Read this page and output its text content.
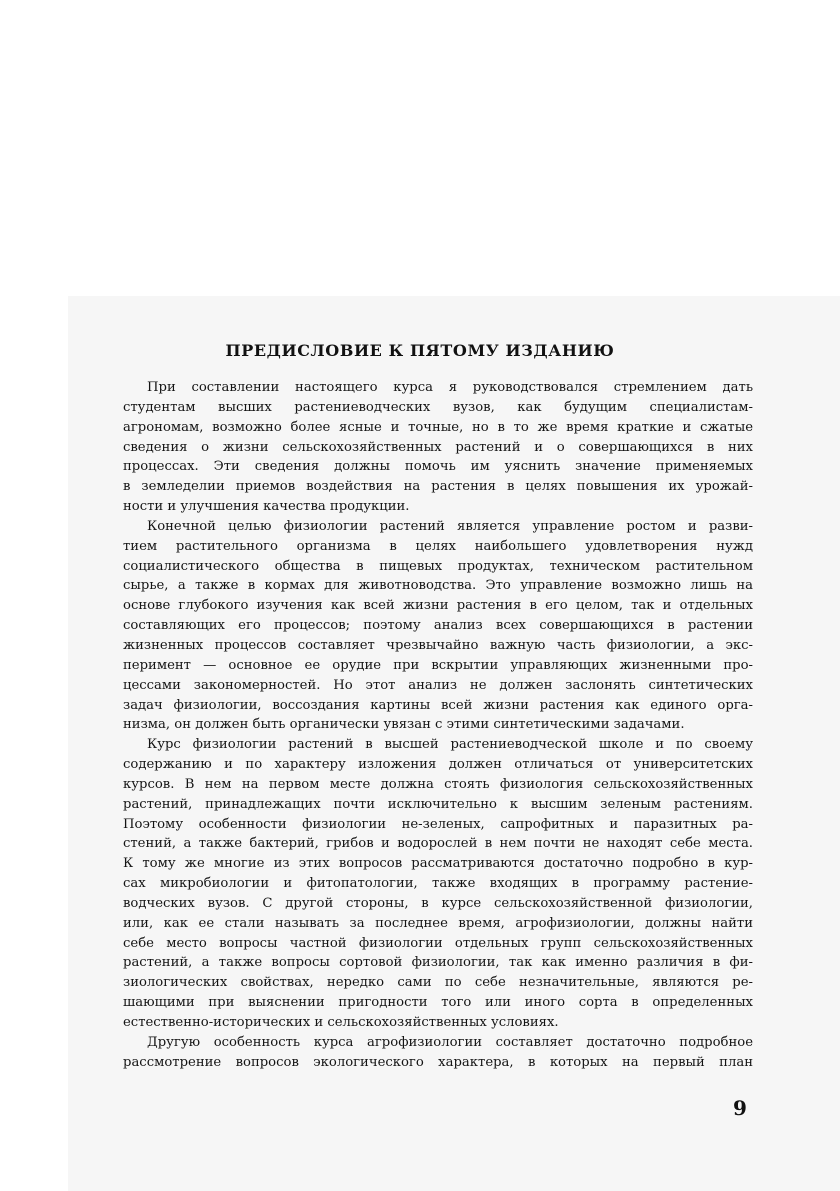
ПРЕДИСЛОВИЕ К ПЯТОМУ ИЗДАНИЮ
При составлении настоящего курса я руководствовался стремлением дать
студентам высших растениеводческих вузов, как будущим специалистам-
агрономам, возможно более ясные и точные, но в то же время краткие и сжатые
сведения о жизни сельскохозяйственных растений и о совершающихся в них
процессах. Эти сведения должны помочь им уяснить значение применяемых
в земледелии приемов воздействия на растения в целях повышения их урожай-
ности и улучшения качества продукции.
Конечной целью физиологии растений является управление ростом и разви-
тием растительного организма в целях наибольшего удовлетворения нужд
социалистического общества в пищевых продуктах, техническом растительном
сырье, а также в кормах для животноводства. Это управление возможно лишь на
основе глубокого изучения как всей жизни растения в его целом, так и отдельных
составляющих его процессов; поэтому анализ всех совершающихся в растении
жизненных процессов составляет чрезвычайно важную часть физиологии, а экс-
перимент — основное ее орудие при вскрытии управляющих жизненными про-
цессами закономерностей. Но этот анализ не должен заслонять синтетических
задач физиологии, воссоздания картины всей жизни растения как единого орга-
низма, он должен быть органически увязан с этими синтетическими задачами.
Курс физиологии растений в высшей растениеводческой школе и по своему
содержанию и по характеру изложения должен отличаться от университетских
курсов. В нем на первом месте должна стоять физиология сельскохозяйственных
растений, принадлежащих почти исключительно к высшим зеленым растениям.
Поэтому особенности физиологии не-зеленых, сапрофитных и паразитных ра-
стений, а также бактерий, грибов и водорослей в нем почти не находят себе места.
К тому же многие из этих вопросов рассматриваются достаточно подробно в кур-
сах микробиологии и фитопатологии, также входящих в программу растение-
водческих вузов. С другой стороны, в курсе сельскохозяйственной физиологии,
или, как ее стали называть за последнее время, агрофизиологии, должны найти
себе место вопросы частной физиологии отдельных групп сельскохозяйственных
растений, а также вопросы сортовой физиологии, так как именно различия в фи-
зиологических свойствах, нередко сами по себе незначительные, являются ре-
шающими при выяснении пригодности того или иного сорта в определенных
естественно-исторических и сельскохозяйственных условиях.
Другую особенность курса агрофизиологии составляет достаточно подробное
рассмотрение вопросов экологического характера, в которых на первый план
9
